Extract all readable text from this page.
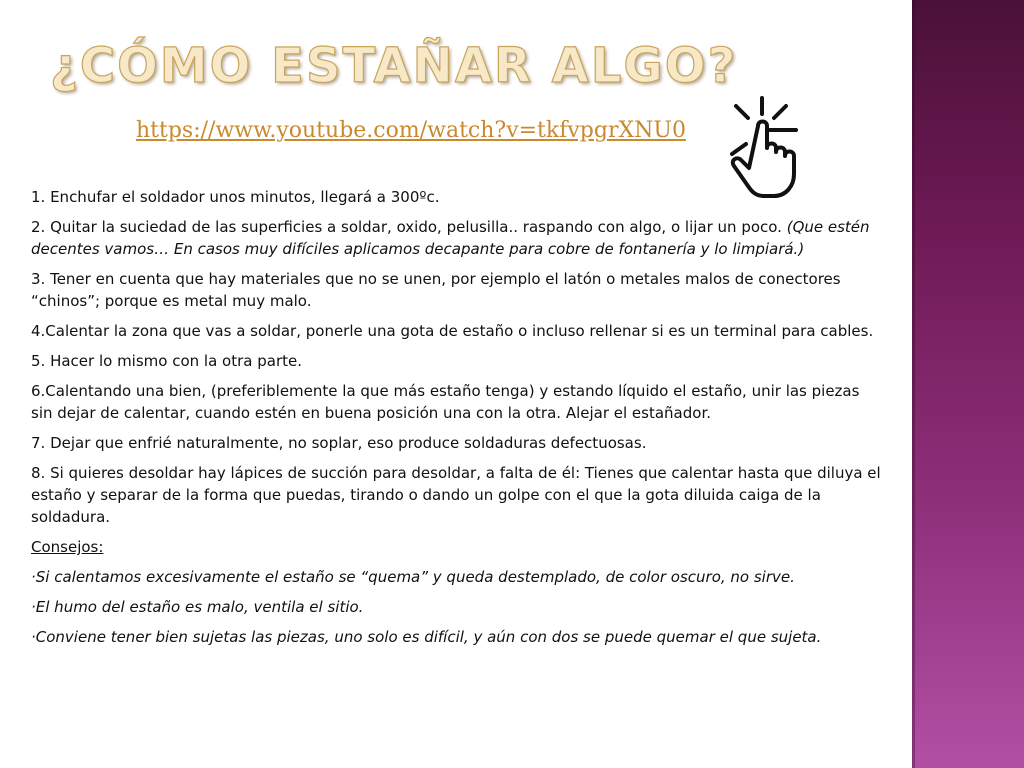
¿CÓMO ESTAÑAR ALGO?
https://www.youtube.com/watch?v=tkfvpgrXNU0

1. Enchufar el soldador unos minutos, llegará a 300ºc.

2. Quitar la suciedad de las superficies a soldar, oxido, pelusilla.. raspando con algo, o lijar un poco. (Que estén decentes vamos… En casos muy difíciles aplicamos decapante para cobre de fontanería y lo limpiará.)

3. Tener en cuenta que hay materiales que no se unen, por ejemplo el latón o metales malos de conectores “chinos”; porque es metal muy malo.

4.Calentar la zona que vas a soldar, ponerle una gota de estaño o incluso rellenar si es un terminal para cables.

5. Hacer lo mismo con la otra parte.

6.Calentando una bien, (preferiblemente la que más estaño tenga) y estando líquido el estaño, unir las piezas sin dejar de calentar, cuando estén en buena posición una con la otra. Alejar el estañador.

7. Dejar que enfrié naturalmente, no soplar, eso produce soldaduras defectuosas.

8. Si quieres desoldar hay lápices de succión para desoldar, a falta de él: Tienes que calentar hasta que diluya el estaño y separar de la forma que puedas, tirando o dando un golpe con el que la gota diluida caiga de la soldadura.

Consejos:

·Si calentamos excesivamente el estaño se “quema” y queda destemplado, de color oscuro, no sirve.

·El humo del estaño es malo, ventila el sitio.

·Conviene tener bien sujetas las piezas, uno solo es difícil, y aún con dos se puede quemar el que sujeta.
